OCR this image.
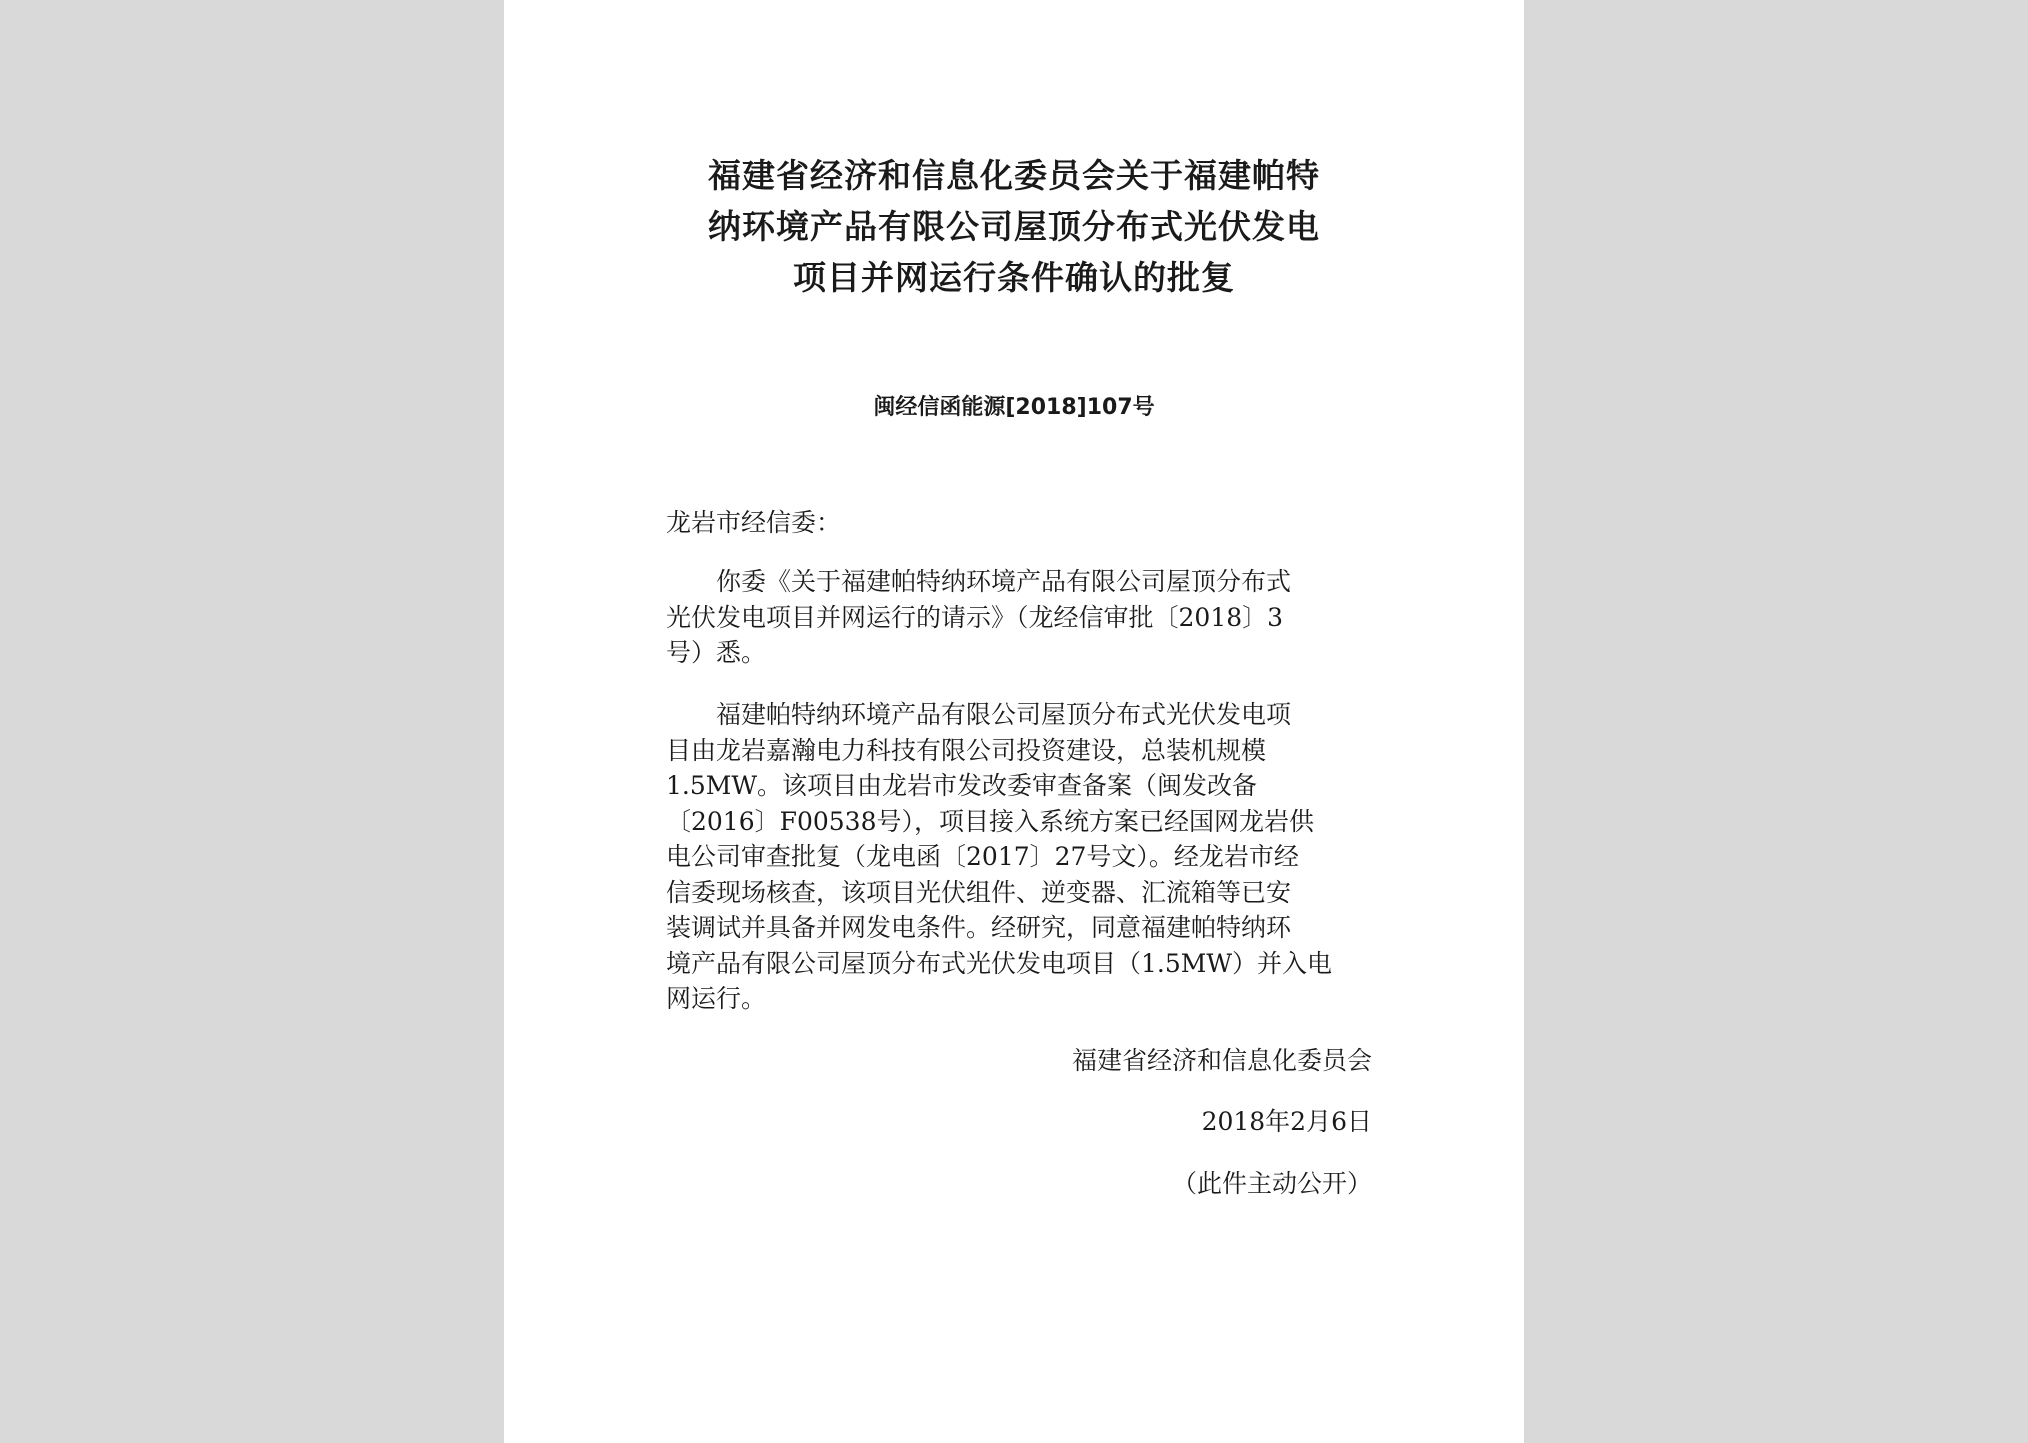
福建省经济和信息化委员会关于福建帕特
纳环境产品有限公司屋顶分布式光伏发电
项目并网运行条件确认的批复
闽经信函能源[2018]107号
龙岩市经信委：
　　你委《关于福建帕特纳环境产品有限公司屋顶分布式
光伏发电项目并网运行的请示》（龙经信审批〔2018〕3
号）悉。
　　福建帕特纳环境产品有限公司屋顶分布式光伏发电项
目由龙岩嘉瀚电力科技有限公司投资建设，总装机规模
1.5MW。该项目由龙岩市发改委审查备案（闽发改备
〔2016〕F00538号），项目接入系统方案已经国网龙岩供
电公司审查批复（龙电函〔2017〕27号文）。经龙岩市经
信委现场核查，该项目光伏组件、逆变器、汇流箱等已安
装调试并具备并网发电条件。经研究，同意福建帕特纳环
境产品有限公司屋顶分布式光伏发电项目（1.5MW）并入电
网运行。
福建省经济和信息化委员会
2018年2月6日
（此件主动公开）
